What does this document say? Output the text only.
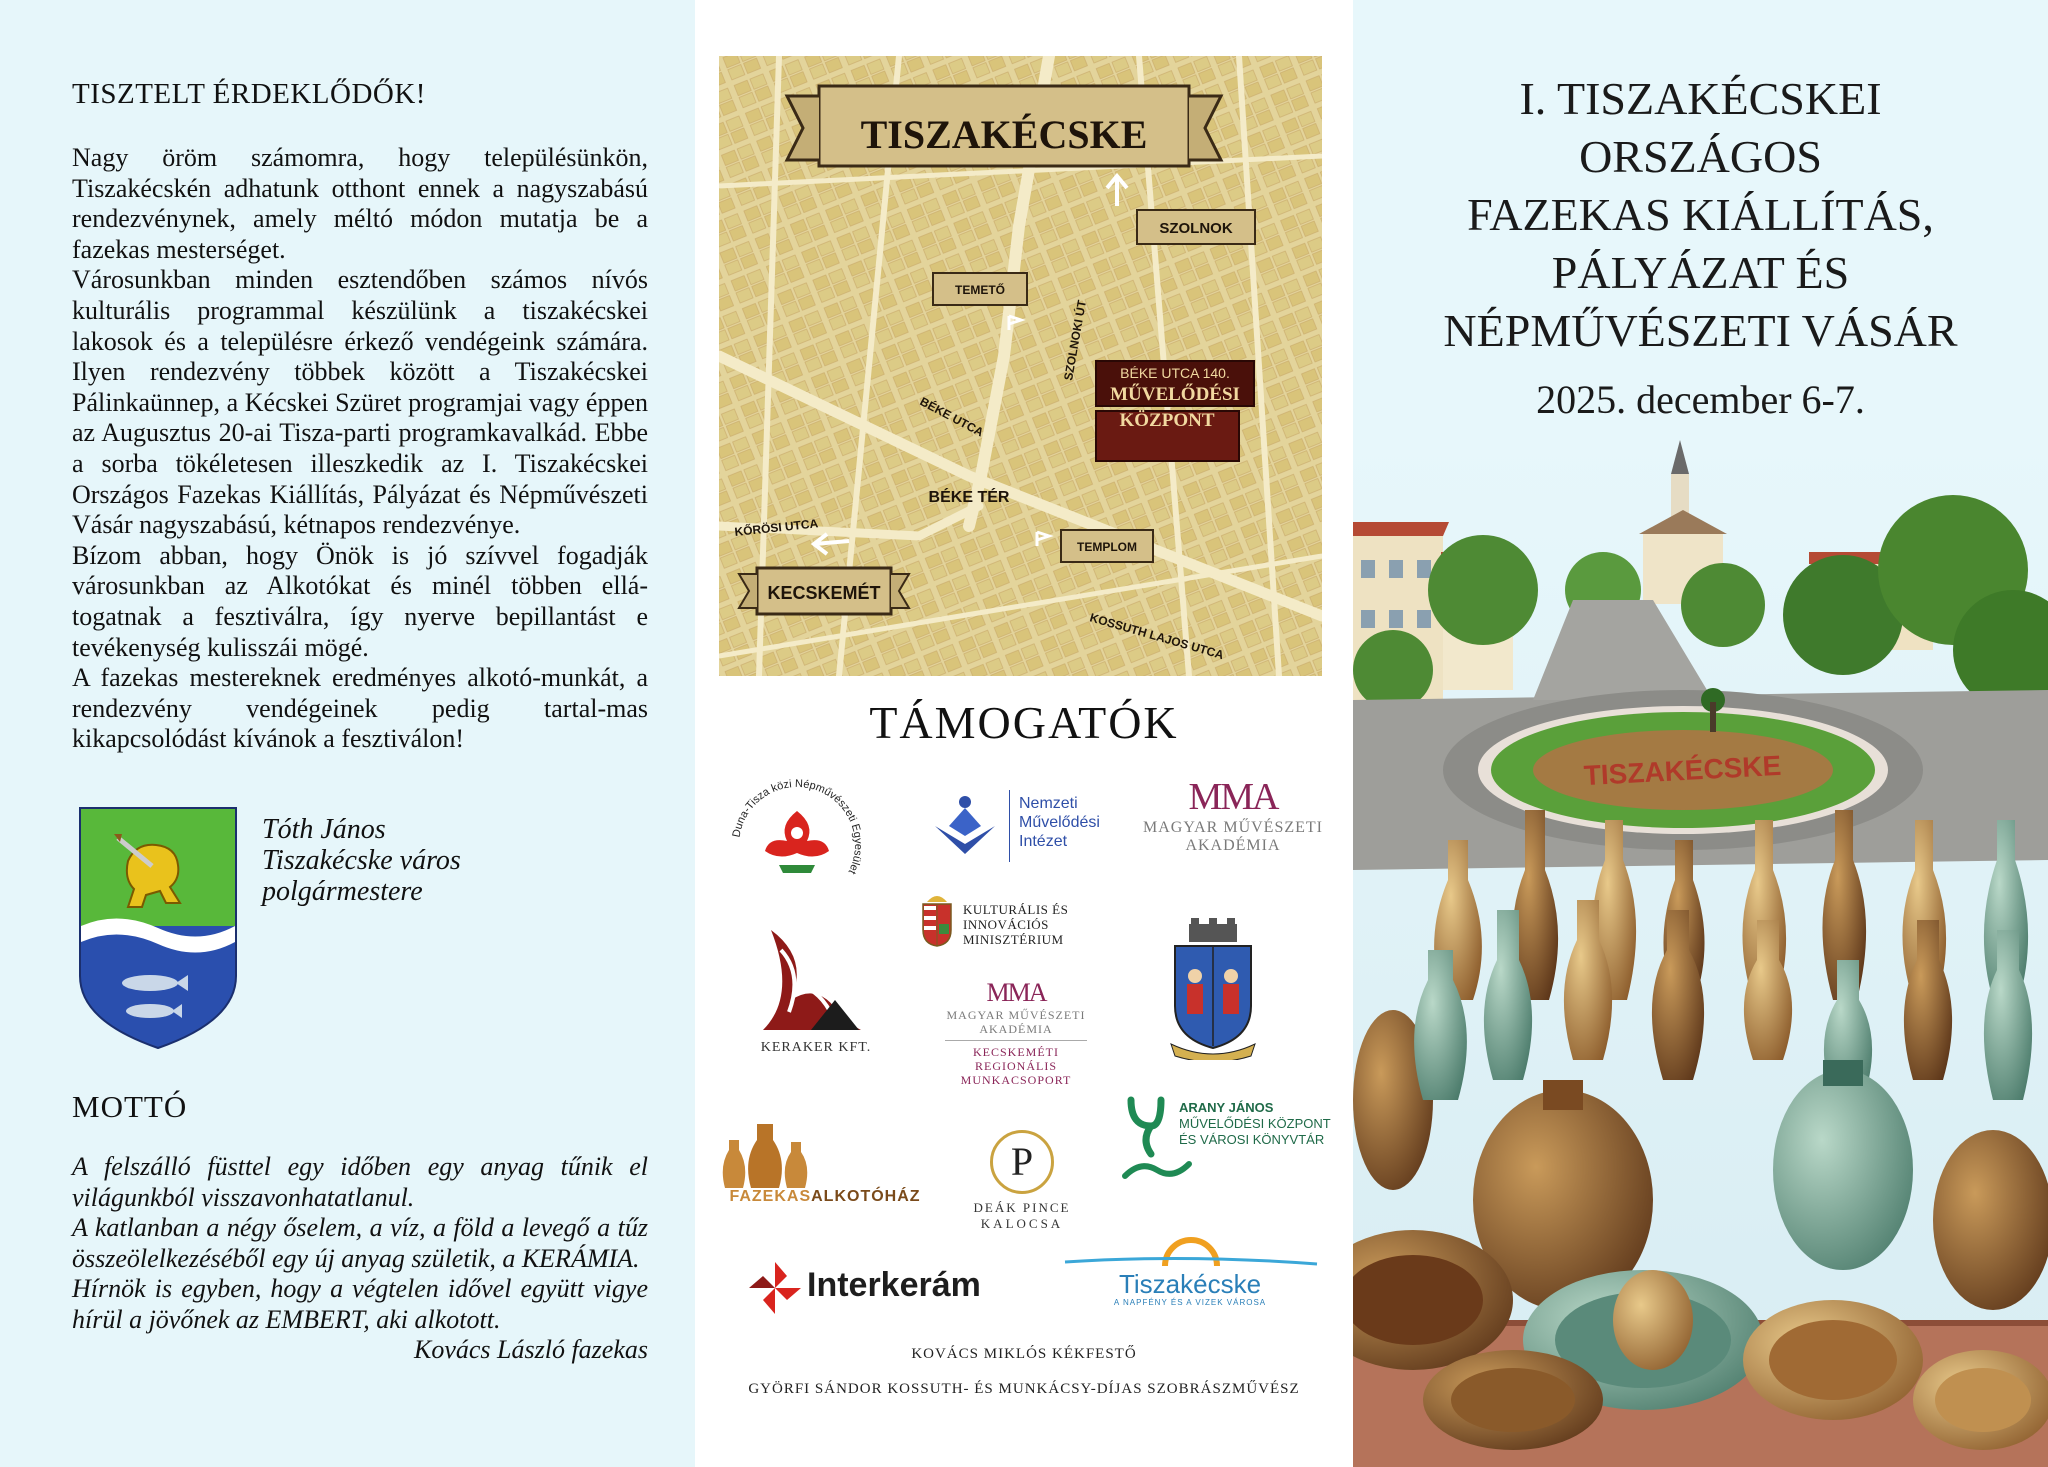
TISZTELT ÉRDEKLŐDŐK!

Nagy öröm számomra, hogy településünkön, Tiszakécskén adhatunk otthont ennek a nagyszabású rendezvénynek, amely méltó módon mutatja be a fazekas mesterséget.

Városunkban minden esztendőben számos nívós kulturális programmal készülünk a tiszakécskei lakosok és a településre érkező vendégeink számára. Ilyen rendezvény többek között a Tiszakécskei Pálinkaünnep, a Kécskei Szüret programjai vagy éppen az Augusztus 20-ai Tisza-parti programkavalkád. Ebbe a sorba tökéletesen illeszkedik az I. Tiszakécskei Országos Fazekas Kiállítás, Pályázat és Népművészeti Vásár nagyszabású, kétnapos rendezvénye.

Bízom abban, hogy Önök is jó szívvel fogadják városunkban az Alkotókat és minél többen ellá-togatnak a fesztiválra, így nyerve bepillantást e tevékenység kulisszái mögé.

A fazekas mestereknek eredményes alkotó-munkát, a rendezvény vendégeinek pedig tartal-mas kikapcsolódást kívánok a fesztiválon!

Tóth János
Tiszakécske város
polgármestere
MOTTÓ

A felszálló füsttel egy időben egy anyag tűnik el világunkból visszavonhatatlanul.

A katlanban a négy őselem, a víz, a föld a levegő a tűz összeölelkezéséből egy új anyag születik, a KERÁMIA.

Hírnök is egyben, hogy a végtelen idővel együtt vigye hírül a jövőnek az EMBERT, aki alkotott.

Kovács László fazekas

TISZAKÉCSKE
SZOLNOK
TEMETŐ
SZOLNOKI ÚT BÉKE UTCA 140.
MŰVELŐDÉSI
KÖZPONT
BÉKE UTCA
BÉKE TÉR
KŐRÖSI UTCA
TEMPLOM
KECSKEMÉT
KOSSUTH LAJOS UTCA
TÁMOGATÓK
Duna-Tisza közi Népművészeti Egyesület
Nemzeti
Művelődési
Intézet
MMA
MAGYAR MŰVÉSZETI
AKADÉMIA
KULTURÁLIS ÉS INNOVÁCIÓS
MINISZTÉRIUM
KERAKER KFT.
MMA
MAGYAR MŰVÉSZETI
AKADÉMIA
KECSKEMÉTI
REGIONÁLIS
MUNKACSOPORT
FAZEKASALKOTÓHÁZ
P
DEÁK PINCE
KALOCSA
ARANY JÁNOS
MŰVELŐDÉSI KÖZPONT
ÉS VÁROSI KÖNYVTÁR
Interkerám	Tiszakécske
A NAPFÉNY ÉS A VIZEK VÁROSA
KOVÁCS MIKLÓS KÉKFESTŐ
GYÖRFI SÁNDOR KOSSUTH- ÉS MUNKÁCSY-DÍJAS SZOBRÁSZMŰVÉSZ
I. TISZAKÉCSKEI
ORSZÁGOS
FAZEKAS KIÁLLÍTÁS,
PÁLYÁZAT ÉS
NÉPMŰVÉSZETI VÁSÁR
2025. december 6-7.
TISZAKÉCSKE
